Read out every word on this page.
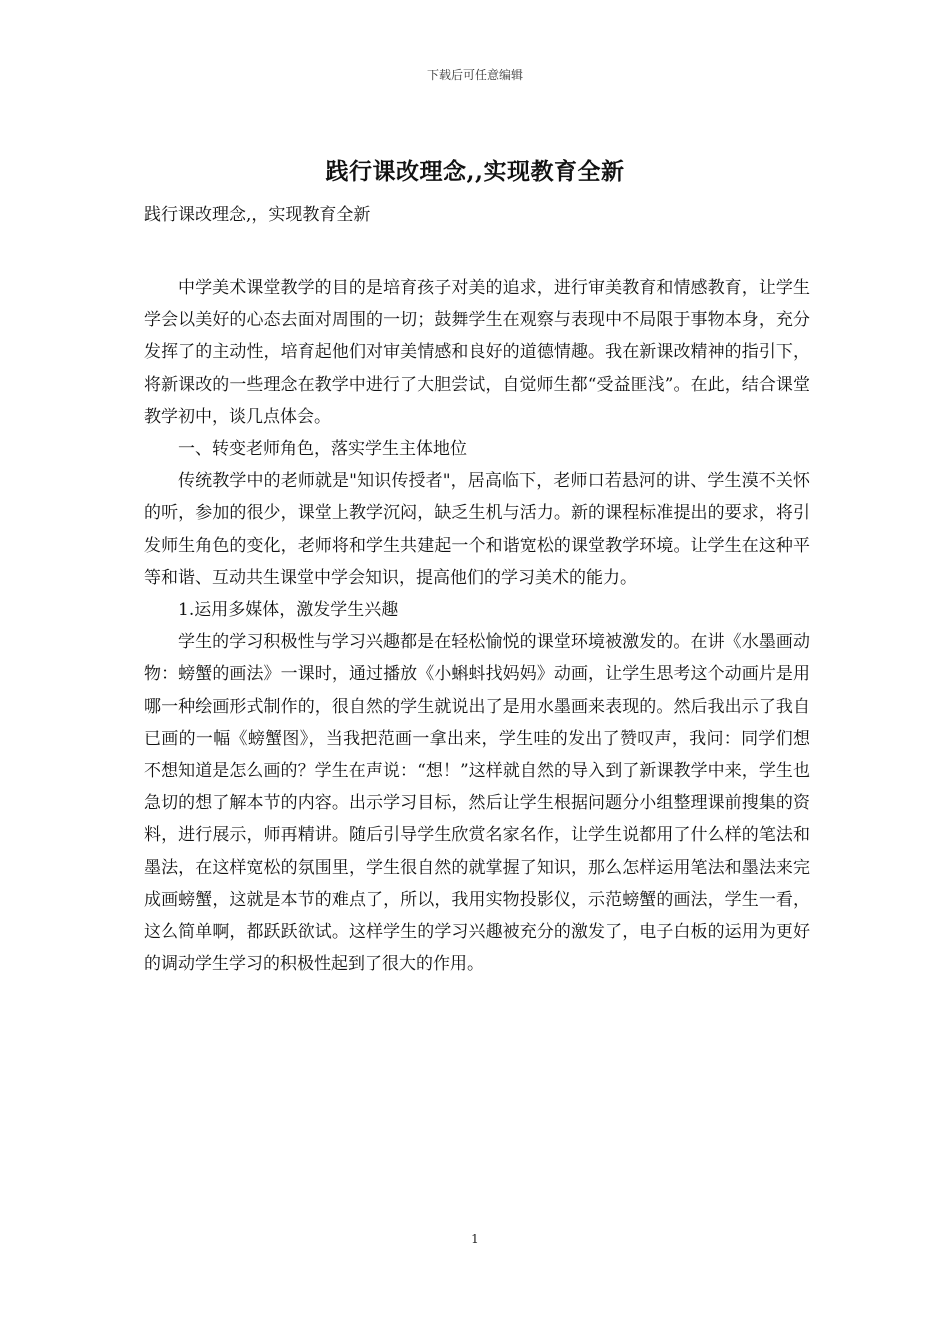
下载后可任意编辑
践行课改理念,,实现教育全新
践行课改理念,，实现教育全新

中学美术课堂教学的目的是培育孩子对美的追求，进行审美教育和情感教育，让学生学会以美好的心态去面对周围的一切；鼓舞学生在观察与表现中不局限于事物本身，充分发挥了的主动性，培育起他们对审美情感和良好的道德情趣。我在新课改精神的指引下，将新课改的一些理念在教学中进行了大胆尝试，自觉师生都“受益匪浅”。在此，结合课堂教学初中，谈几点体会。

一、转变老师角色，落实学生主体地位

传统教学中的老师就是"知识传授者"，居高临下，老师口若悬河的讲、学生漠不关怀的听，参加的很少，课堂上教学沉闷，缺乏生机与活力。新的课程标准提出的要求，将引发师生角色的变化，老师将和学生共建起一个和谐宽松的课堂教学环境。让学生在这种平等和谐、互动共生课堂中学会知识，提高他们的学习美术的能力。

1.运用多媒体，激发学生兴趣

学生的学习积极性与学习兴趣都是在轻松愉悦的课堂环境被激发的。在讲《水墨画动物：螃蟹的画法》一课时，通过播放《小蝌蚪找妈妈》动画，让学生思考这个动画片是用哪一种绘画形式制作的，很自然的学生就说出了是用水墨画来表现的。然后我出示了我自已画的一幅《螃蟹图》，当我把范画一拿出来，学生哇的发出了赞叹声，我问：同学们想不想知道是怎么画的？学生在声说：“想！”这样就自然的导入到了新课教学中来，学生也急切的想了解本节的内容。出示学习目标，然后让学生根据问题分小组整理课前搜集的资料，进行展示，师再精讲。随后引导学生欣赏名家名作，让学生说都用了什么样的笔法和墨法，在这样宽松的氛围里，学生很自然的就掌握了知识，那么怎样运用笔法和墨法来完成画螃蟹，这就是本节的难点了，所以，我用实物投影仪，示范螃蟹的画法，学生一看，这么简单啊，都跃跃欲试。这样学生的学习兴趣被充分的激发了，电子白板的运用为更好的调动学生学习的积极性起到了很大的作用。

1
